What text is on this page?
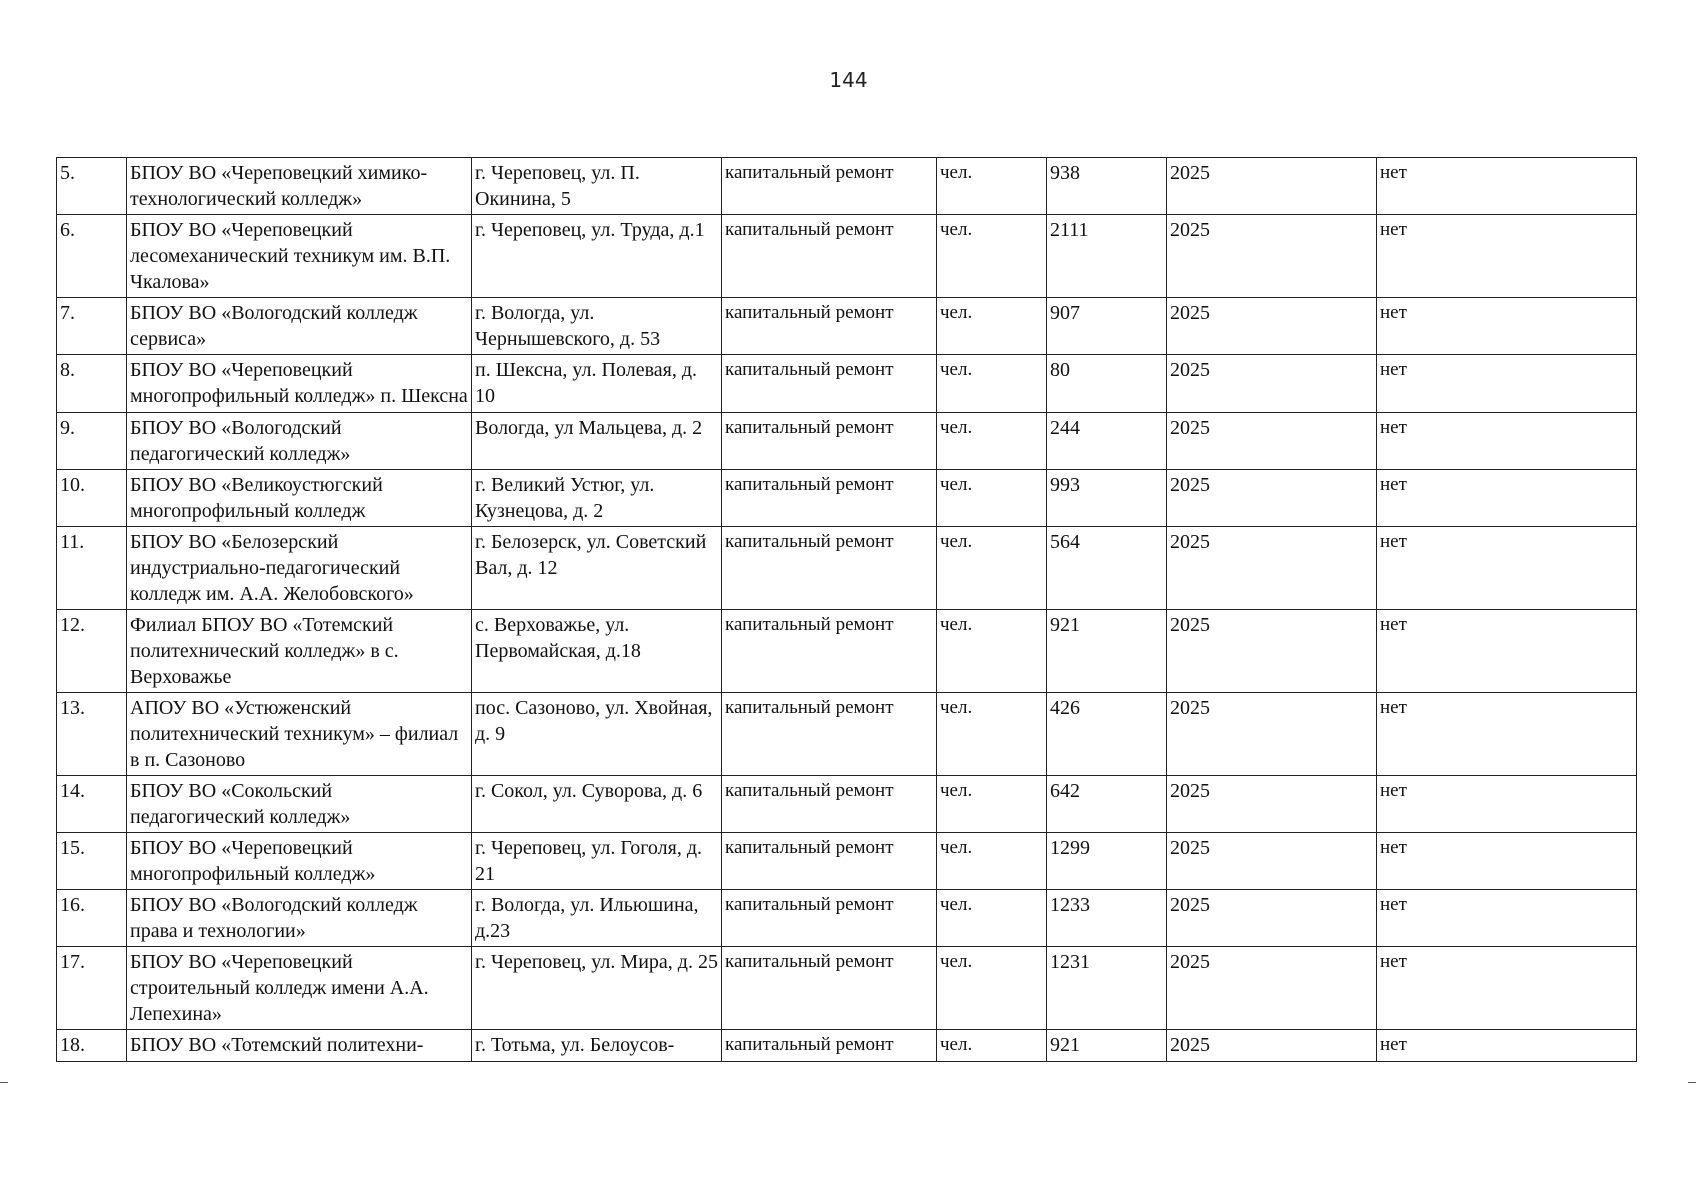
144
5.	БПОУ ВО «Череповецкий химико-технологический колледж»	г. Череповец, ул. П. Окинина, 5	капитальный ремонт	чел.	938	2025	нет
6.	БПОУ ВО «Череповецкий лесомеханический техникум им. В.П. Чкалова»	г. Череповец, ул. Труда, д.1	капитальный ремонт	чел.	2111	2025	нет
7.	БПОУ ВО «Вологодский колледж сервиса»	г. Вологда, ул. Чернышевского, д. 53	капитальный ремонт	чел.	907	2025	нет
8.	БПОУ ВО «Череповецкий многопрофильный колледж» п. Шексна	п. Шексна, ул. Полевая, д. 10	капитальный ремонт	чел.	80	2025	нет
9.	БПОУ ВО «Вологодский педагогический колледж»	Вологда, ул Мальцева, д. 2	капитальный ремонт	чел.	244	2025	нет
10.	БПОУ ВО «Великоустюгский многопрофильный колледж	г. Великий Устюг, ул. Кузнецова, д. 2	капитальный ремонт	чел.	993	2025	нет
11.	БПОУ ВО «Белозерский индустриально-педагогический колледж им. А.А. Желобовского»	г. Белозерск, ул. Советский Вал, д. 12	капитальный ремонт	чел.	564	2025	нет
12.	Филиал БПОУ ВО «Тотемский политехнический колледж» в с. Верховажье	с. Верховажье, ул. Первомайская, д.18	капитальный ремонт	чел.	921	2025	нет
13.	АПОУ ВО «Устюженский политехнический техникум» – филиал в п. Сазоново	пос. Сазоново, ул. Хвойная, д. 9	капитальный ремонт	чел.	426	2025	нет
14.	БПОУ ВО «Сокольский педагогический колледж»	г. Сокол, ул. Суворова, д. 6	капитальный ремонт	чел.	642	2025	нет
15.	БПОУ ВО «Череповецкий многопрофильный колледж»	г. Череповец, ул. Гоголя, д. 21	капитальный ремонт	чел.	1299	2025	нет
16.	БПОУ ВО «Вологодский колледж права и технологии»	г. Вологда, ул. Ильюшина, д.23	капитальный ремонт	чел.	1233	2025	нет
17.	БПОУ ВО «Череповецкий строительный колледж имени А.А. Лепехина»	г. Череповец, ул. Мира, д. 25	капитальный ремонт	чел.	1231	2025	нет
18.	БПОУ ВО «Тотемский политехни-	г. Тотьма, ул. Белоусов-	капитальный ремонт	чел.	921	2025	нет
